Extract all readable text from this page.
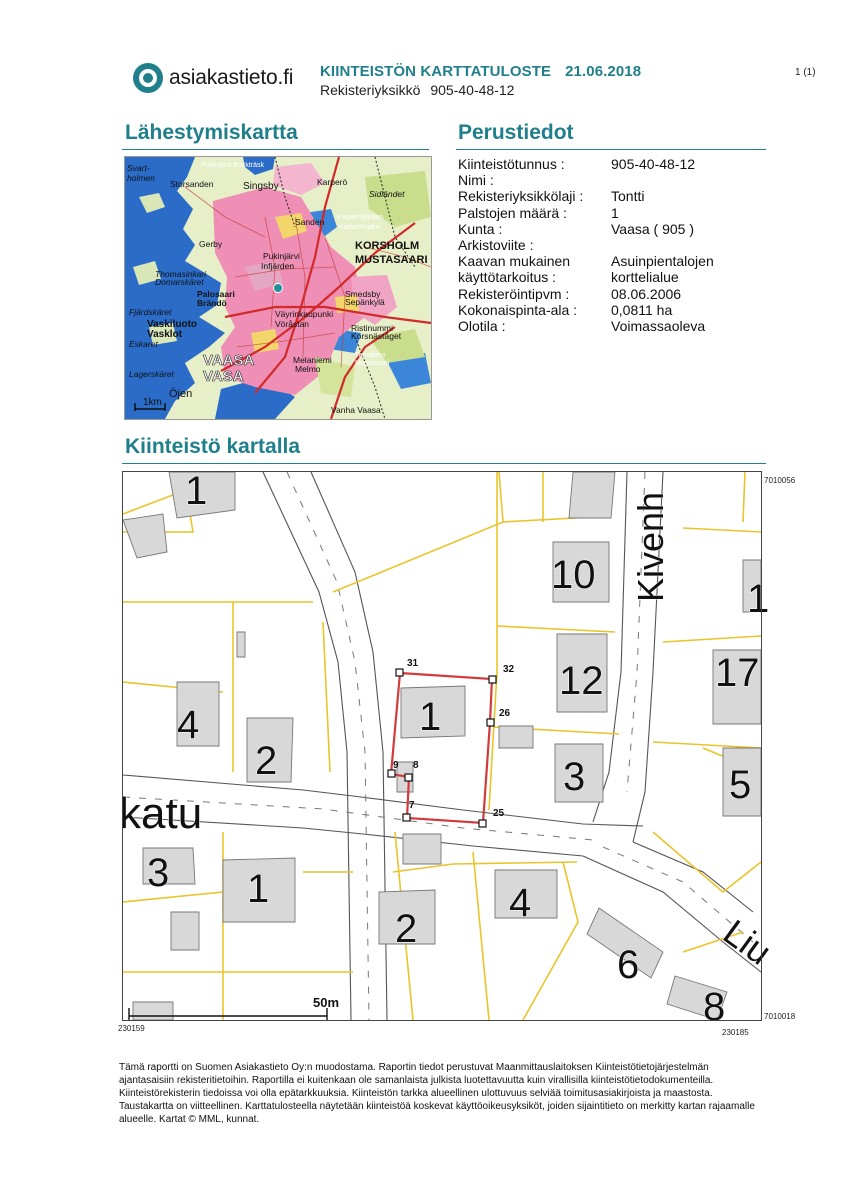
asiakastieto.fi KIINTEISTÖN KARTTATULOSTE 21.06.2018
Rekisteriyksikkö 905-40-48-12
1 (1)
Lähestymiskartta	Perustiedot
Kiinteistö kartalla
Kiinteistötunnus :	905-40-48-12
Nimi :
Rekisteriyksikkölaji :	Tontti
Palstojen määrä :	1
Kunta :	Vaasa ( 905 )
Arkistoviite :
Kaavan mukainen	Asuinpientalojen
käyttötarkoitus :	korttelialue
Rekisteröintipvm :	08.06.2006
Kokonaispinta-ala :	0,0811 ha
Olotila :	Voimassaoleva
Svart-
holmen
Storsanden	Singsby	Karperö
Sidländet
Sanden Karperöfjärden
Karperönjärvi
KORSHOLM
MUSTASAARI
Gerby
Pukinjärvi Bockträsk
Pukinjärvi
Infjärden
Thomasinkari
Domarskäret
Palosaari
Brändö
Fjärdskäret	Väyrinkaupunki
Vöråstan
Smedsby
Sepänkylä
Vaskiluoto
Vasklot
Ristinummi
Korsnäståget
Eskaret
VAASA
VASA
Melaniemi
Melmo
Tervajärvi
Mustasaari
Lagerskäret
Öjen
Vanha Vaasa
1km
31
32
26
9 8
7
25
1
10
1
1
4
2
12	17
3	5
3 1
2
4
6
8
katu
Kivenh
Liu
50m
7010056
7010018
230159	230185
Tämä raportti on Suomen Asiakastieto Oy:n muodostama. Raportin tiedot perustuvat Maanmittauslaitoksen Kiinteistötietojärjestelmän ajantasaisiin rekisteritietoihin. Raportilla ei kuitenkaan ole samanlaista julkista luotettavuutta kuin virallisilla kiinteistötietodokumenteilla. Kiinteistörekisterin tiedoissa voi olla epätarkkuuksia. Kiinteistön tarkka alueellinen ulottuvuus selviää toimitusasiakirjoista ja maastosta. Taustakartta on viitteellinen. Karttatulosteella näytetään kiinteistöä koskevat käyttöoikeusyksiköt, joiden sijaintitieto on merkitty kartan rajaamalle alueelle. Kartat © MML, kunnat.
